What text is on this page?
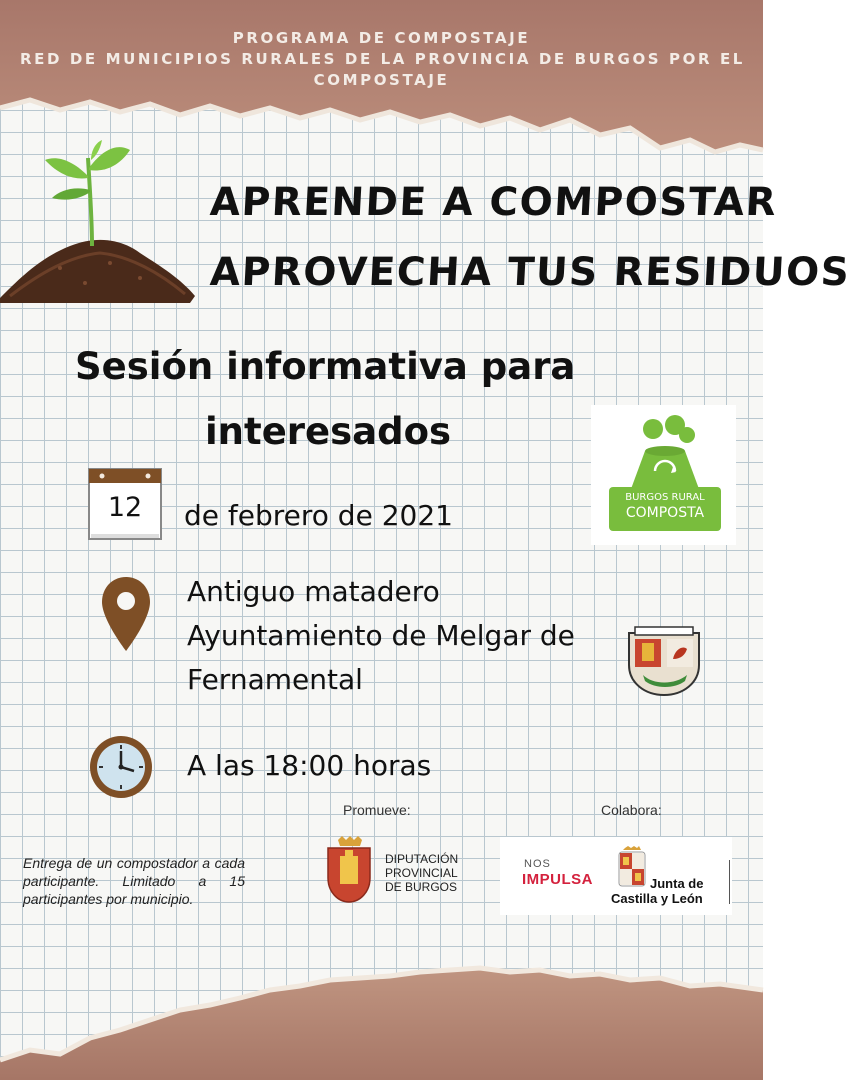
PROGRAMA DE COMPOSTAJE
RED DE MUNICIPIOS RURALES DE LA PROVINCIA DE BURGOS POR EL
COMPOSTAJE
APRENDE A COMPOSTAR
APROVECHA TUS RESIDUOS
Sesión informativa para
interesados
12	de febrero de 2021
Antiguo matadero
Ayuntamiento de Melgar de
Fernamental
A las 18:00 horas
BURGOS RURAL
COMPOSTA
Promueve:	Colabora:
DIPUTACIÓN
PROVINCIAL
DE BURGOS
NOS
IMPULSA	Junta de
Castilla y León
Entrega de un compostador a cada participante. Limitado a 15 participantes por municipio.
